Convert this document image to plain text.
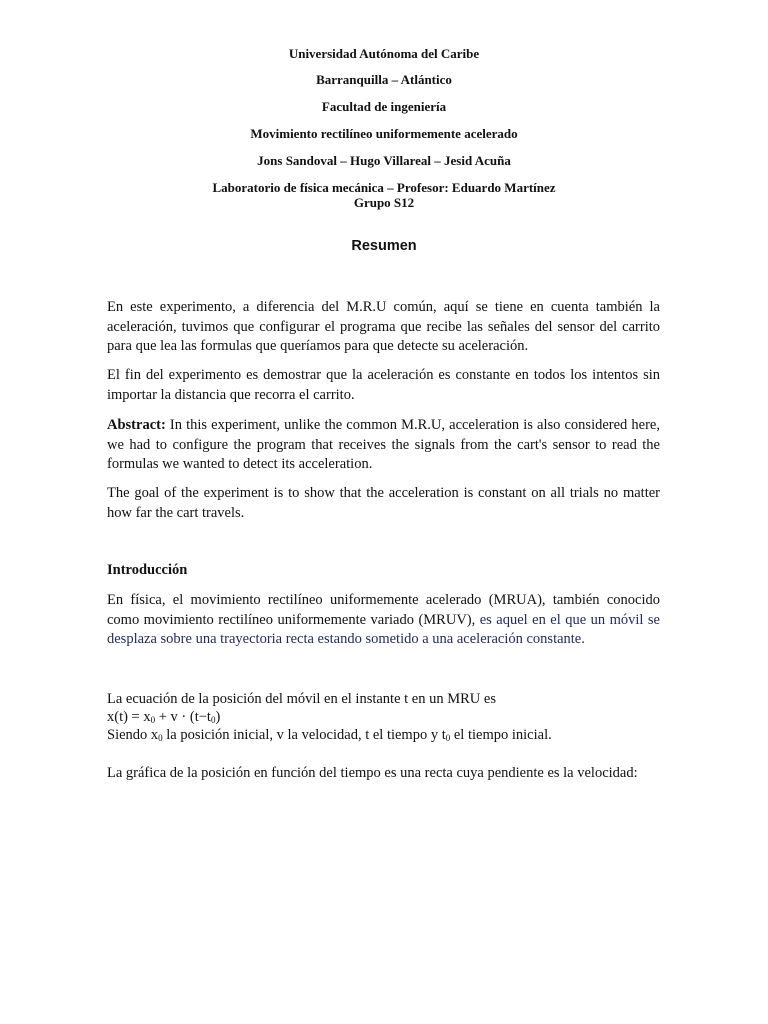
Universidad Autónoma del Caribe
Barranquilla – Atlántico
Facultad de ingeniería
Movimiento rectilíneo uniformemente acelerado
Jons Sandoval – Hugo Villareal – Jesid Acuña
Laboratorio de física mecánica – Profesor: Eduardo Martínez
Grupo S12
Resumen

En este experimento, a diferencia del M.R.U común, aquí se tiene en cuenta también la aceleración, tuvimos que configurar el programa que recibe las señales del sensor del carrito para que lea las formulas que queríamos para que detecte su aceleración.

El fin del experimento es demostrar que la aceleración es constante en todos los intentos sin importar la distancia que recorra el carrito.

Abstract: In this experiment, unlike the common M.R.U, acceleration is also considered here, we had to configure the program that receives the signals from the cart's sensor to read the formulas we wanted to detect its acceleration.

The goal of the experiment is to show that the acceleration is constant on all trials no matter how far the cart travels.

Introducción

En física, el movimiento rectilíneo uniformemente acelerado (MRUA), también conocido como movimiento rectilíneo uniformemente variado (MRUV), es aquel en el que un móvil se desplaza sobre una trayectoria recta estando sometido a una aceleración constante.

La ecuación de la posición del móvil en el instante t en un MRU es

$x(t) = x_0 + v \cdot (t-t_0)$

Siendo $x_0$ la posición inicial, v la velocidad, t el tiempo y $t_0$ el tiempo inicial.

La gráfica de la posición en función del tiempo es una recta cuya pendiente es la velocidad:
